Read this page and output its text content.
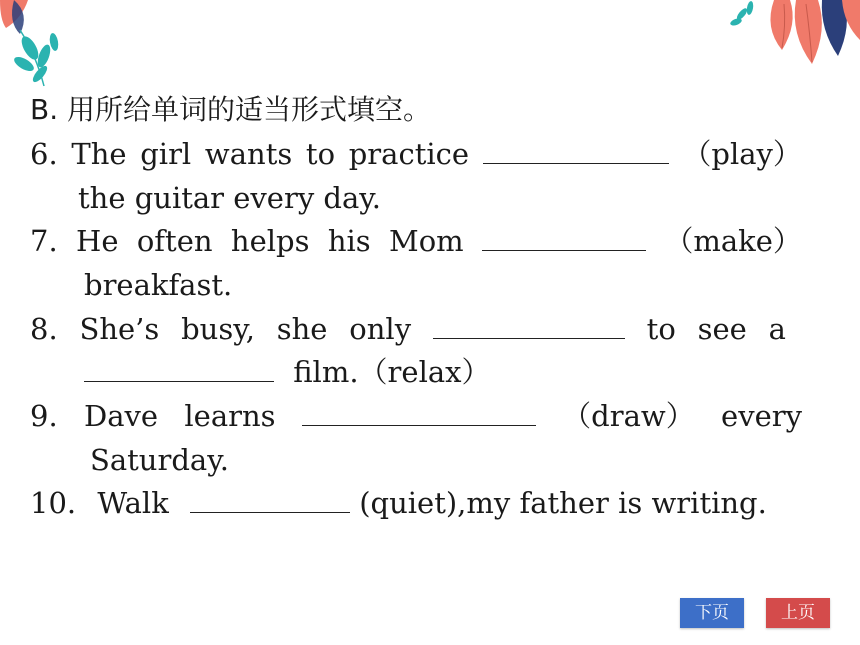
B. 用所给单词的适当形式填空。
6. The girl wants to practice	（play）
the guitar every day.
7. He often helps his Mom	（make）
breakfast.
8. She’s busy, she only	to see a
film.（relax）
9. Dave learns	（draw） every
Saturday.
10. Walk	(quiet),my father is writing.
下页	上页
